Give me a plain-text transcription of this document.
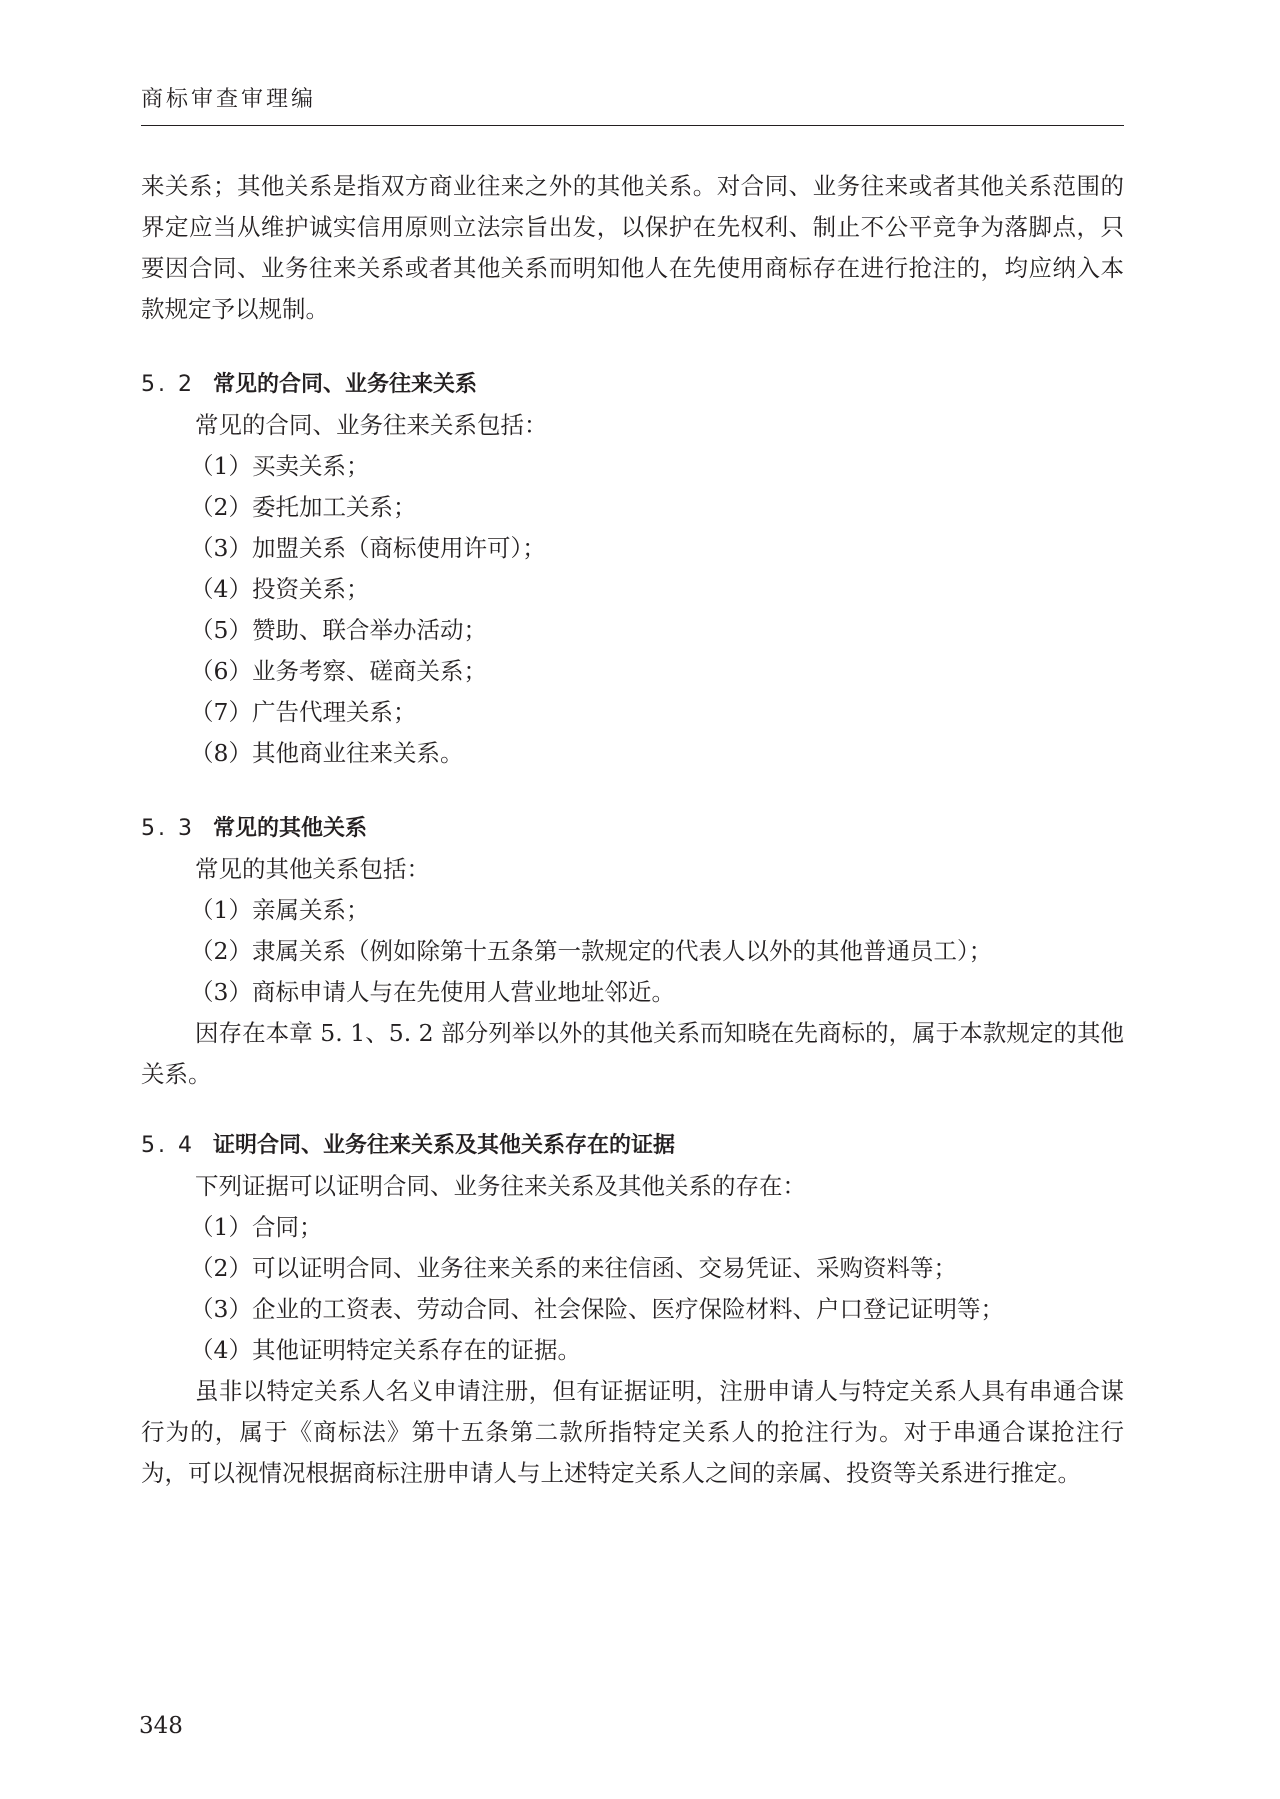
商标审查审理编

来关系；其他关系是指双方商业往来之外的其他关系。对合同、业务往来或者其他关系范围的界定应当从维护诚实信用原则立法宗旨出发，以保护在先权利、制止不公平竞争为落脚点，只要因合同、业务往来关系或者其他关系而明知他人在先使用商标存在进行抢注的，均应纳入本款规定予以规制。

5. 2 常见的合同、业务往来关系

常见的合同、业务往来关系包括：

（1）买卖关系；

（2）委托加工关系；

（3）加盟关系（商标使用许可）；

（4）投资关系；

（5）赞助、联合举办活动；

（6）业务考察、磋商关系；

（7）广告代理关系；

（8）其他商业往来关系。

5. 3 常见的其他关系

常见的其他关系包括：

（1）亲属关系；

（2）隶属关系（例如除第十五条第一款规定的代表人以外的其他普通员工）；

（3）商标申请人与在先使用人营业地址邻近。

因存在本章 5. 1、5. 2 部分列举以外的其他关系而知晓在先商标的，属于本款规定的其他关系。

5. 4 证明合同、业务往来关系及其他关系存在的证据

下列证据可以证明合同、业务往来关系及其他关系的存在：

（1）合同；

（2）可以证明合同、业务往来关系的来往信函、交易凭证、采购资料等；

（3）企业的工资表、劳动合同、社会保险、医疗保险材料、户口登记证明等；

（4）其他证明特定关系存在的证据。

虽非以特定关系人名义申请注册，但有证据证明，注册申请人与特定关系人具有串通合谋行为的，属于《商标法》第十五条第二款所指特定关系人的抢注行为。对于串通合谋抢注行为，可以视情况根据商标注册申请人与上述特定关系人之间的亲属、投资等关系进行推定。

348
